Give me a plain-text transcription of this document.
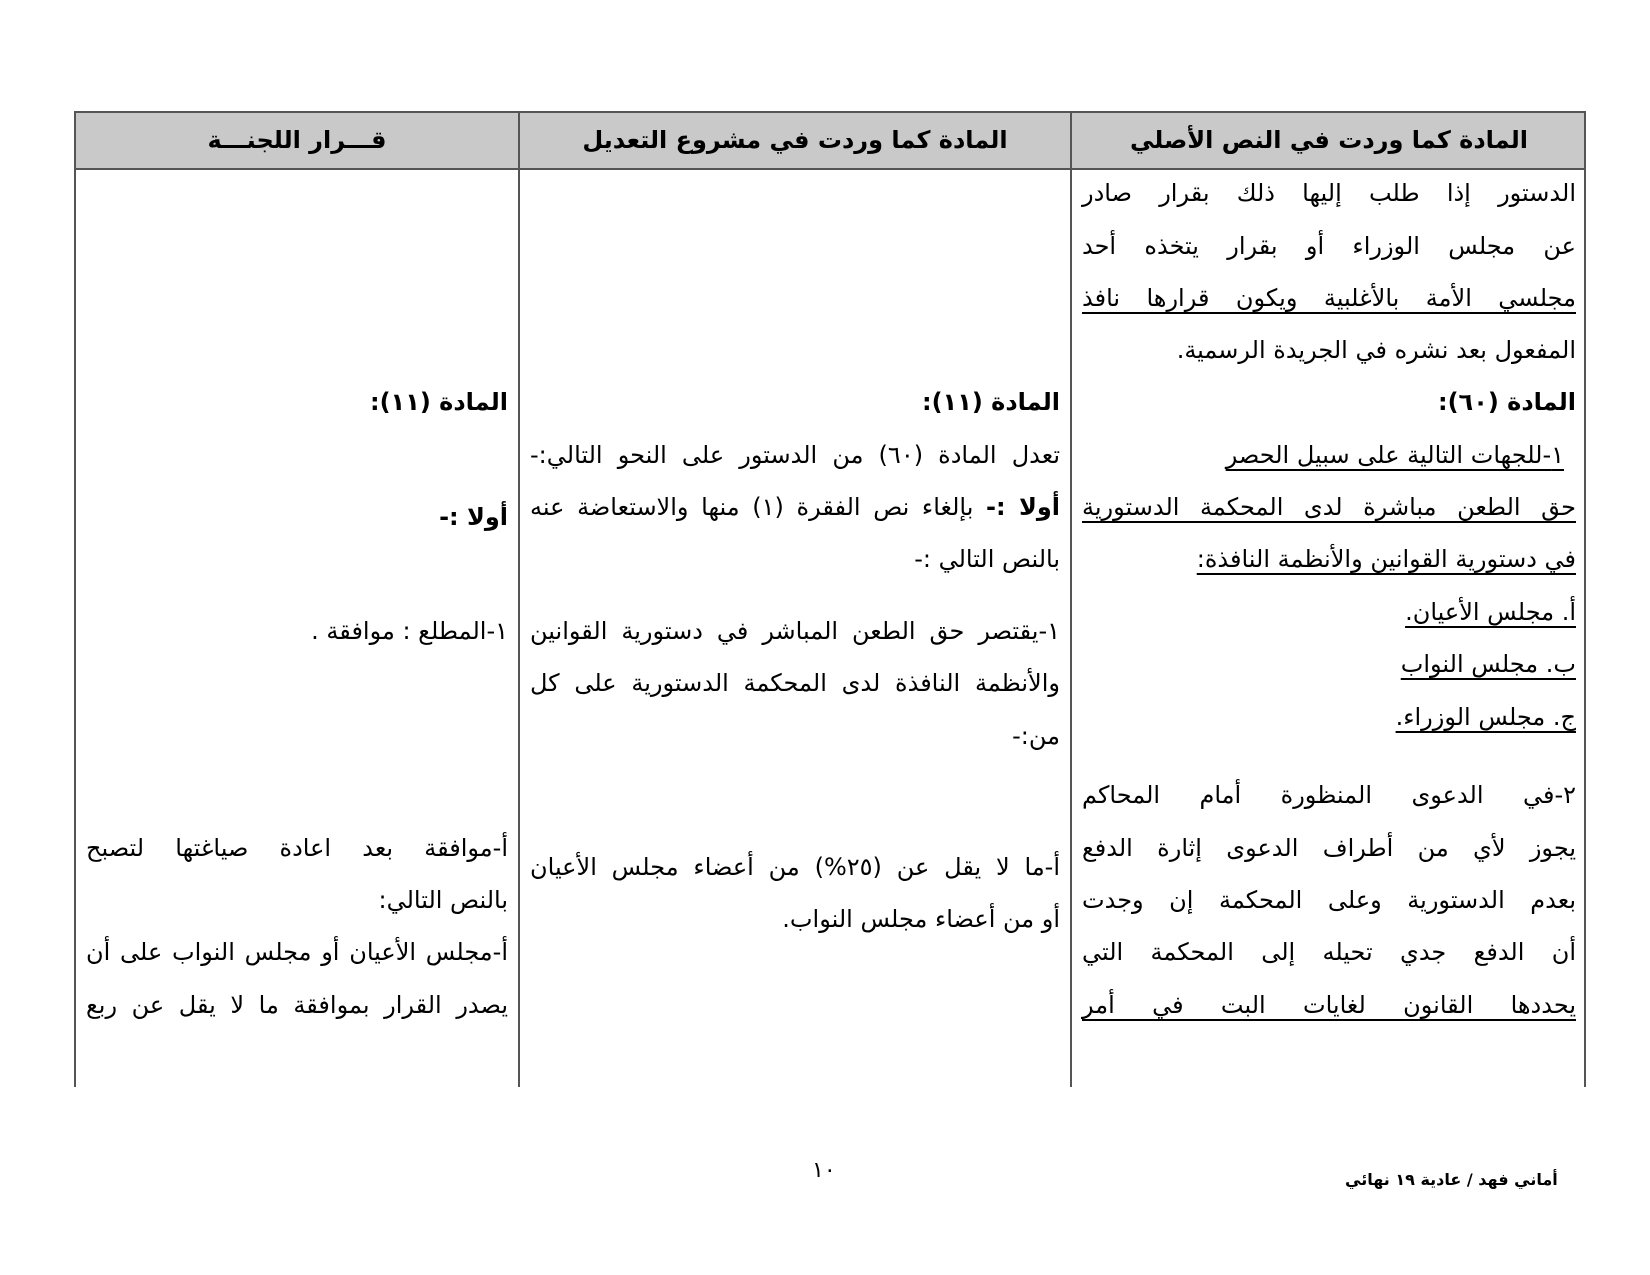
المادة كما وردت في النص الأصلي
المادة كما وردت في مشروع التعديل
قـــرار اللجنـــة
الدستور إذا طلب إليها ذلك بقرار صادر
عن مجلس الوزراء أو بقرار يتخذه أحد
مجلسي الأمة بالأغلبية ويكون قرارها نافذ
المفعول بعد نشره في الجريدة الرسمية.
المادة (٦٠):
١-للجهات التالية على سبيل الحصر
حق الطعن مباشرة لدى المحكمة الدستورية
في دستورية القوانين والأنظمة النافذة:
أ. مجلس الأعيان.
ب. مجلس النواب
ج. مجلس الوزراء.
٢-في الدعوى المنظورة أمام المحاكم
يجوز لأي من أطراف الدعوى إثارة الدفع
بعدم الدستورية وعلى المحكمة إن وجدت
أن الدفع جدي تحيله إلى المحكمة التي
يحددها القانون لغايات البت في أمر
المادة (١١):
تعدل المادة (٦٠) من الدستور على النحو التالي:-
أولا :- بإلغاء نص الفقرة (١) منها والاستعاضة عنه
بالنص التالي :-
١-يقتصر حق الطعن المباشر في دستورية القوانين
والأنظمة النافذة لدى المحكمة الدستورية على كل
من:-
أ-ما لا يقل عن (٢٥%) من أعضاء مجلس الأعيان
أو من أعضاء مجلس النواب.
المادة (١١):
أولا :-
١-المطلع : موافقة .
أ-موافقة بعد اعادة صياغتها لتصبح
بالنص التالي:
أ-مجلس الأعيان أو مجلس النواب على أن
يصدر القرار بموافقة ما لا يقل عن ربع
١٠	أماني فهد / عادية ١٩ نهائي
